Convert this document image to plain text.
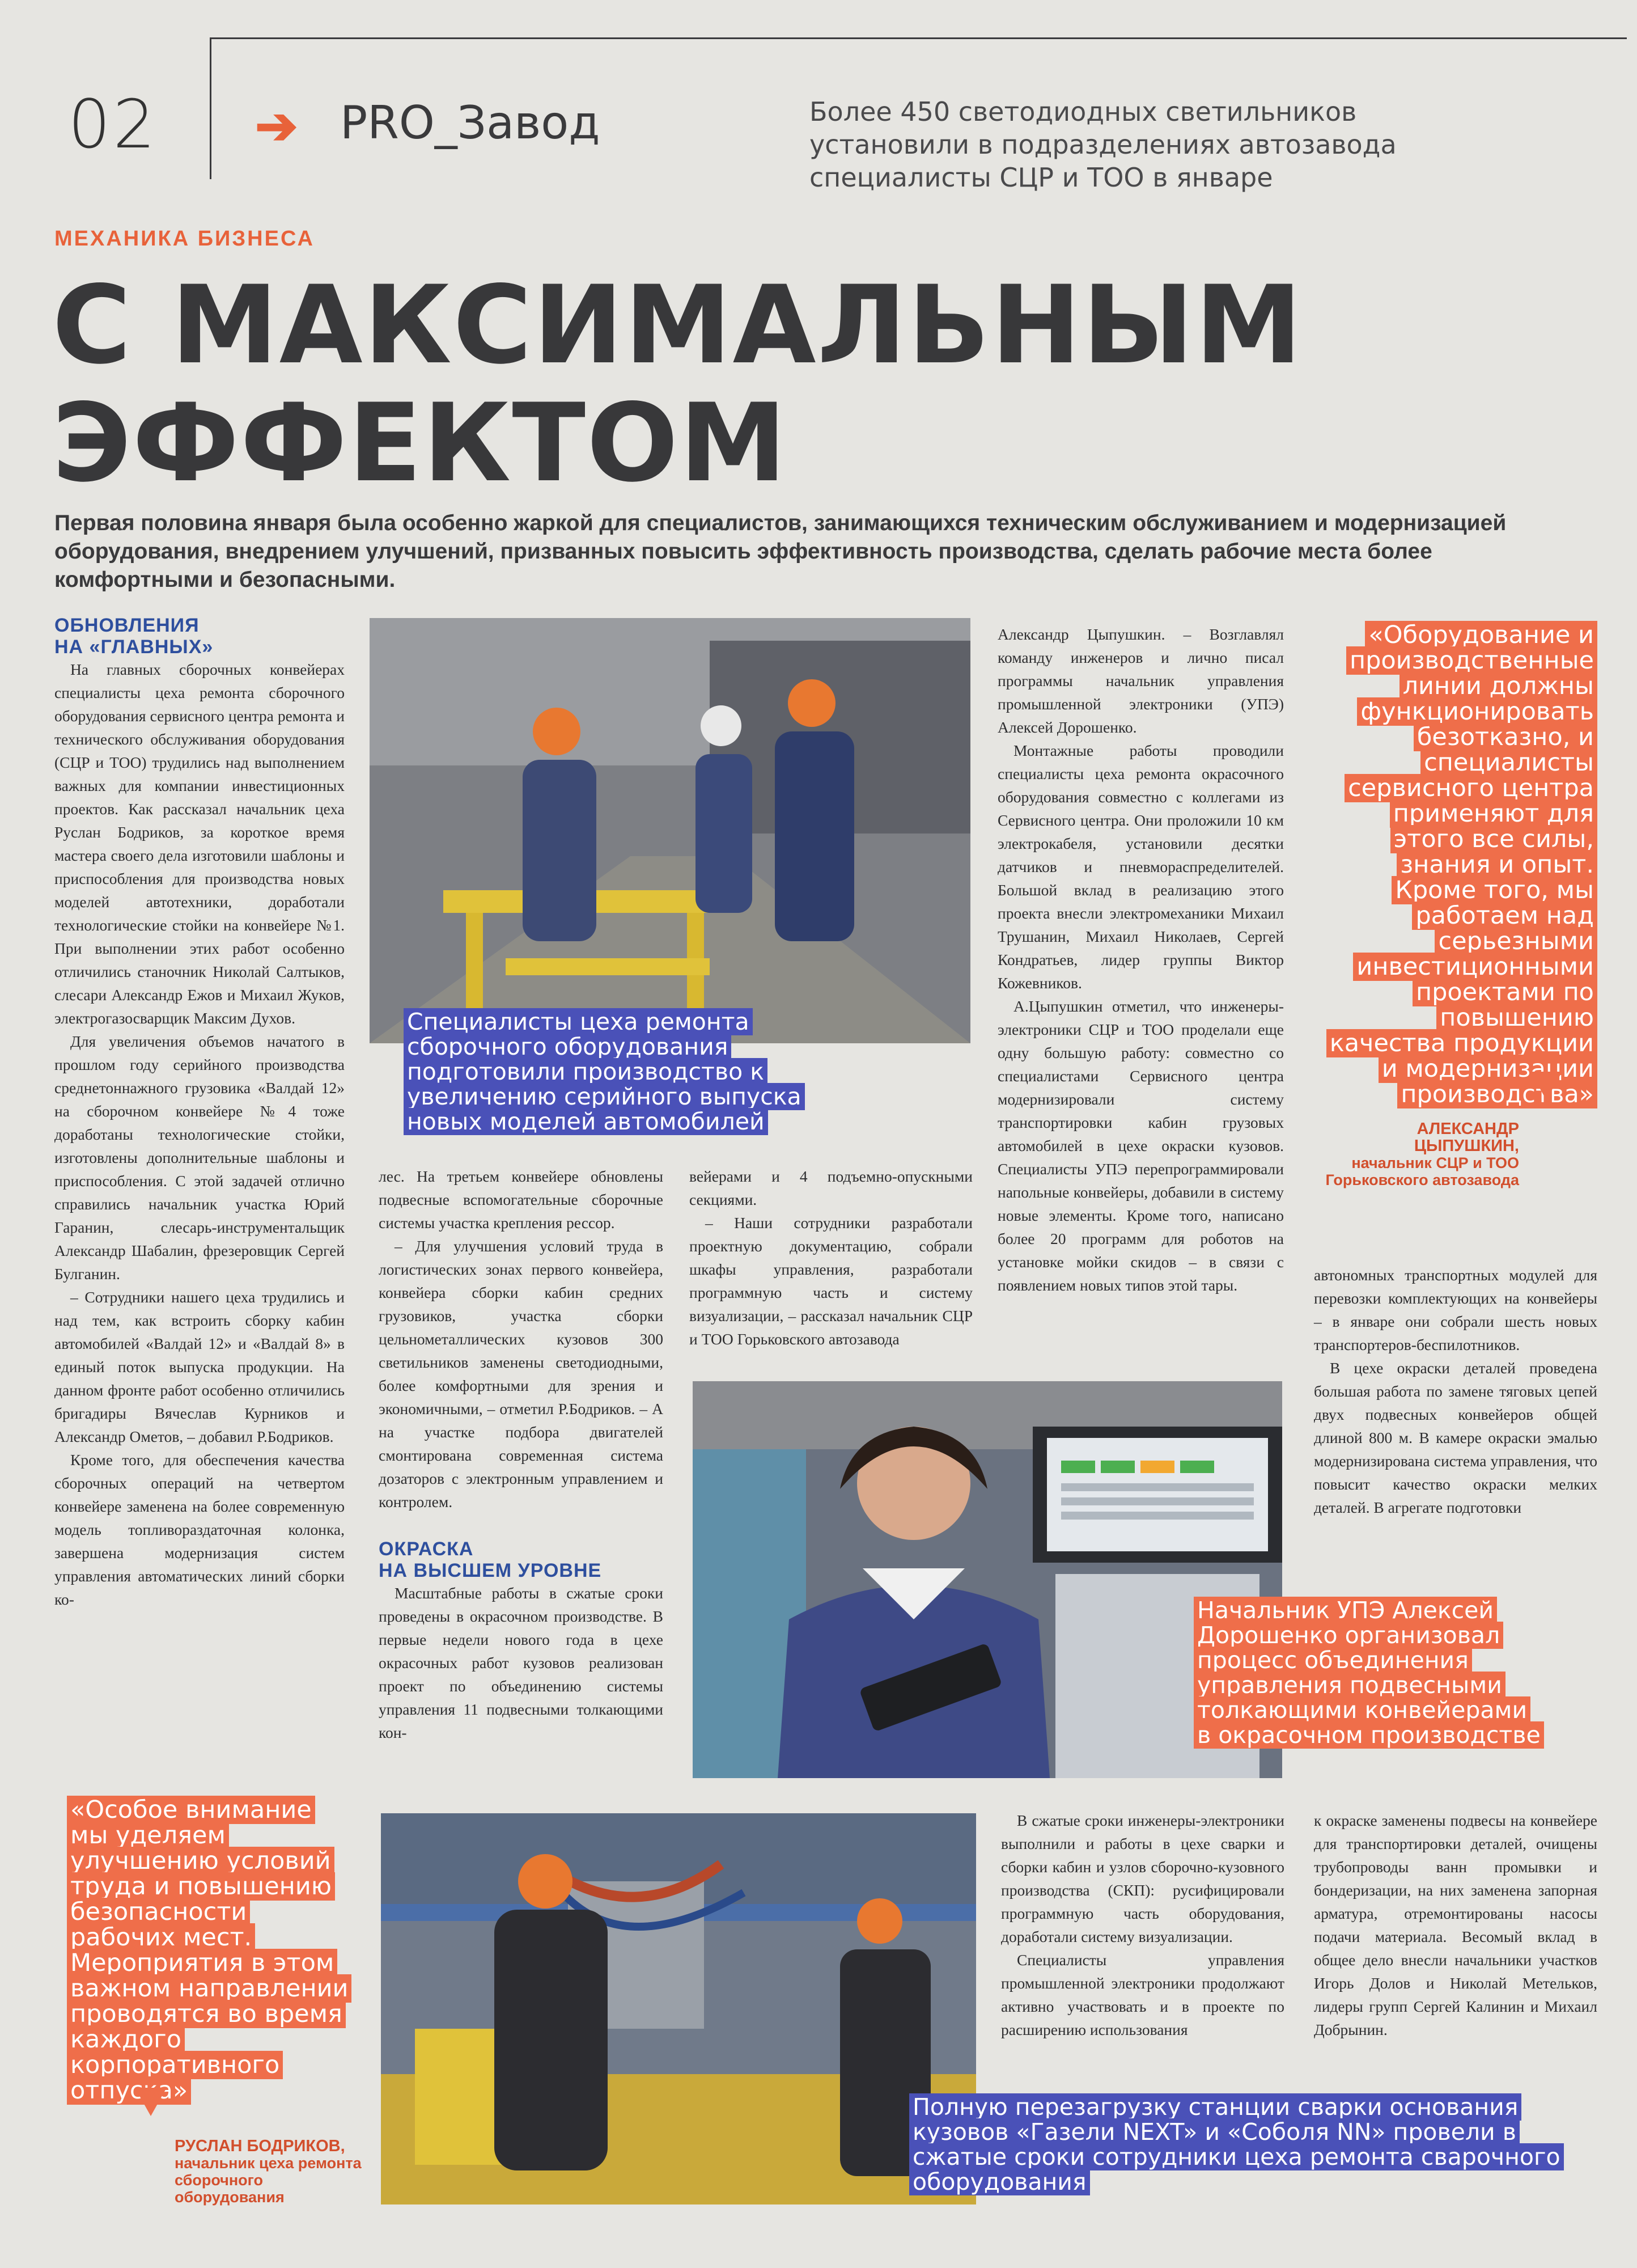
02 ➔ PRO_Завод	Более 450 светодиодных светильников установили в подразделениях автозавода специалисты СЦР и ТОО в январе
МЕХАНИКА БИЗНЕСА
С МАКСИМАЛЬНЫМ
ЭФФЕКТОМ
Первая половина января была особенно жаркой для специалистов, занимающихся техническим обслуживанием и модернизацией оборудования, внедрением улучшений, призванных повысить эффективность производства, сделать рабочие места более комфортными и безопасными.
ОБНОВЛЕНИЯ
НА «ГЛАВНЫХ»

На главных сборочных конвейерах специалисты цеха ремонта сборочного оборудования сервисного центра ремонта и технического обслуживания оборудования (СЦР и ТОО) трудились над выполнением важных для компании инвестиционных проектов. Как рассказал начальник цеха Руслан Бодриков, за короткое время мастера своего дела изготовили шаблоны и приспособления для производства новых моделей автотехники, доработали технологические стойки на конвейере №1. При выполнении этих работ особенно отличились станочник Николай Салтыков, слесари Александр Ежов и Михаил Жуков, электрогазосварщик Максим Духов.

Для увеличения объемов начатого в прошлом году серийного производства среднетоннажного грузовика «Валдай 12» на сборочном конвейере №4 тоже доработаны технологические стойки, изготовлены дополнительные шаблоны и приспособления. С этой задачей отлично справились начальник участка Юрий Гаранин, слесарь-инструментальщик Александр Шабалин, фрезеровщик Сергей Булганин.

– Сотрудники нашего цеха трудились и над тем, как встроить сборку кабин автомобилей «Валдай 12» и «Валдай 8» в единый поток выпуска продукции. На данном фронте работ особенно отличились бригадиры Вячеслав Курников и Александр Ометов, – добавил Р.Бодриков.

Кроме того, для обеспечения качества сборочных операций на четвертом конвейере заменена на более современную модель топливораздаточная колонка, завершена модернизация систем управления автоматических линий сборки ко-

Специалисты цеха ремонта сборочного оборудования подготовили производство к увеличению серийного выпуска новых моделей автомобилей

Александр Цыпушкин. – Возглавлял команду инженеров и лично писал программы начальник управления промышленной электроники (УПЭ) Алексей Дорошенко.

Монтажные работы проводили специалисты цеха ремонта окрасочного оборудования совместно с коллегами из Сервисного центра. Они проложили 10 км электрокабеля, установили десятки датчиков и пневмораспределителей. Большой вклад в реализацию этого проекта внесли электромеханики Михаил Трушанин, Михаил Николаев, Сергей Кондратьев, лидер группы Виктор Кожевников.

А.Цыпушкин отметил, что инженеры-электроники СЦР и ТОО проделали еще одну большую работу: совместно со специалистами Сервисного центра модернизировали систему транспортировки кабин грузовых автомобилей в цехе окраски кузовов. Специалисты УПЭ перепрограммировали напольные конвейеры, добавили в систему новые элементы. Кроме того, написано более 20 программ для роботов на установке мойки скидов – в связи с появлением новых типов этой тары.

«Оборудование и производственные линии должны функционировать безотказно, и специалисты сервисного центра применяют для этого все силы, знания и опыт. Кроме того, мы работаем над серьезными инвестиционными проектами по повышению качества продукции и модернизации производства»
АЛЕКСАНДР ЦЫПУШКИН,
начальник СЦР и ТОО Горьковского автозавода

лес. На третьем конвейере обновлены подвесные вспомогательные сборочные системы участка крепления рессор.

– Для улучшения условий труда в логистических зонах первого конвейера, конвейера сборки кабин средних грузовиков, участка сборки цельнометаллических кузовов 300 светильников заменены светодиодными, более комфортными для зрения и экономичными, – отметил Р.Бодриков. – А на участке подбора двигателей смонтирована современная система дозаторов с электронным управлением и контролем.

ОКРАСКА
НА ВЫСШЕМ УРОВНЕ

Масштабные работы в сжатые сроки проведены в окрасочном производстве. В первые недели нового года в цехе окрасочных работ кузовов реализован проект по объединению системы управления 11 подвесными толкающими кон-

вейерами и 4 подъемно-опускными секциями.

– Наши сотрудники разработали проектную документацию, собрали шкафы управления, разработали программную часть и систему визуализации, – рассказал начальник СЦР и ТОО Горьковского автозавода

автономных транспортных модулей для перевозки комплектующих на конвейеры – в январе они собрали шесть новых транспортеров-беспилотников.

В цехе окраски деталей проведена большая работа по замене тяговых цепей двух подвесных конвейеров общей длиной 800 м. В камере окраски эмалью модернизирована система управления, что повысит качество окраски мелких деталей. В агрегате подготовки

Начальник УПЭ Алексей Дорошенко организовал процесс объединения управления подвесными толкающими конвейерами в окрасочном производстве
«Особое внимание мы уделяем улучшению условий труда и повышению безопасности рабочих мест. Мероприятия в этом важном направлении проводятся во время каждого корпоративного отпуска»
РУСЛАН БОДРИКОВ,
начальник цеха ремонта сборочного оборудования

В сжатые сроки инженеры-электроники выполнили и работы в цехе сварки и сборки кабин и узлов сборочно-кузовного производства (СКП): русифицировали программную часть оборудования, доработали систему визуализации.

Специалисты управления промышленной электроники продолжают активно участвовать и в проекте по расширению использования

к окраске заменены подвесы на конвейере для транспортировки деталей, очищены трубопроводы ванн промывки и бондеризации, на них заменена запорная арматура, отремонтированы насосы подачи материала. Весомый вклад в общее дело внесли начальники участков Игорь Долов и Николай Метельков, лидеры групп Сергей Калинин и Михаил Добрынин.

Полную перезагрузку станции сварки основания кузовов «Газели NEXT» и «Соболя NN» провели в сжатые сроки сотрудники цеха ремонта сварочного оборудования
